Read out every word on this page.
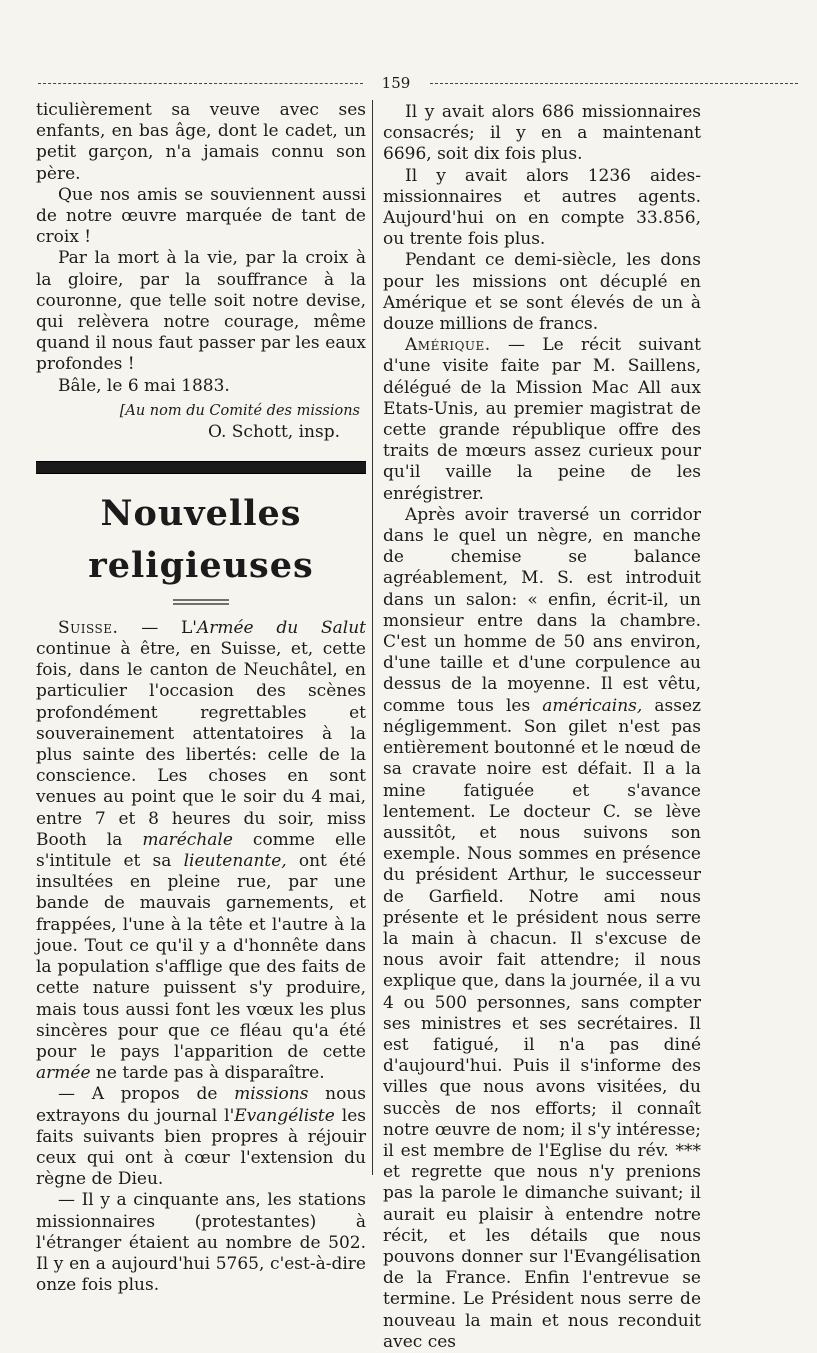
159

ticulièrement sa veuve avec ses enfants, en bas âge, dont le cadet, un petit garçon, n'a jamais connu son père.

Que nos amis se souviennent aussi de notre œuvre marquée de tant de croix !

Par la mort à la vie, par la croix à la gloire, par la souffrance à la couronne, que telle soit notre devise, qui relèvera notre courage, même quand il nous faut passer par les eaux profondes !

Bâle, le 6 mai 1883.

[Au nom du Comité des missions
O. Schott, insp.
Nouvelles religieuses

Suisse. — L'Armée du Salut continue à être, en Suisse, et, cette fois, dans le canton de Neuchâtel, en particulier l'occasion des scènes profondément regrettables et souverainement attentatoires à la plus sainte des libertés: celle de la conscience. Les choses en sont venues au point que le soir du 4 mai, entre 7 et 8 heures du soir, miss Booth la maréchale comme elle s'intitule et sa lieutenante, ont été insultées en pleine rue, par une bande de mauvais garnements, et frappées, l'une à la tête et l'autre à la joue. Tout ce qu'il y a d'honnête dans la population s'afflige que des faits de cette nature puissent s'y produire, mais tous aussi font les vœux les plus sincères pour que ce fléau qu'a été pour le pays l'apparition de cette armée ne tarde pas à disparaître.

— A propos de missions nous extrayons du journal l'Evangéliste les faits suivants bien propres à réjouir ceux qui ont à cœur l'extension du règne de Dieu.

— Il y a cinquante ans, les stations missionnaires (protestantes) à l'étranger étaient au nombre de 502. Il y en a aujourd'hui 5765, c'est-à-dire onze fois plus.

Il y avait alors 686 missionnaires consacrés; il y en a maintenant 6696, soit dix fois plus.

Il y avait alors 1236 aides-missionnaires et autres agents. Aujourd'hui on en compte 33.856, ou trente fois plus.

Pendant ce demi-siècle, les dons pour les missions ont décuplé en Amérique et se sont élevés de un à douze millions de francs.

Amérique. — Le récit suivant d'une visite faite par M. Saillens, délégué de la Mission Mac All aux Etats-Unis, au premier magistrat de cette grande république offre des traits de mœurs assez curieux pour qu'il vaille la peine de les enrégistrer.

Après avoir traversé un corridor dans le quel un nègre, en manche de chemise se balance agréablement, M. S. est introduit dans un salon: « enfin, écrit-il, un monsieur entre dans la chambre. C'est un homme de 50 ans environ, d'une taille et d'une corpulence au dessus de la moyenne. Il est vêtu, comme tous les américains, assez négligemment. Son gilet n'est pas entièrement boutonné et le nœud de sa cravate noire est défait. Il a la mine fatiguée et s'avance lentement. Le docteur C. se lève aussitôt, et nous suivons son exemple. Nous sommes en présence du président Arthur, le successeur de Garfield. Notre ami nous présente et le président nous serre la main à chacun. Il s'excuse de nous avoir fait attendre; il nous explique que, dans la journée, il a vu 4 ou 500 personnes, sans compter ses ministres et ses secrétaires. Il est fatigué, il n'a pas diné d'aujourd'hui. Puis il s'informe des villes que nous avons visitées, du succès de nos efforts; il connaît notre œuvre de nom; il s'y intéresse; il est membre de l'Eglise du rév. *** et regrette que nous n'y prenions pas la parole le dimanche suivant; il aurait eu plaisir à entendre notre récit, et les détails que nous pouvons donner sur l'Evangélisation de la France. Enfin l'entrevue se termine. Le Président nous serre de nouveau la main et nous reconduit avec ces
